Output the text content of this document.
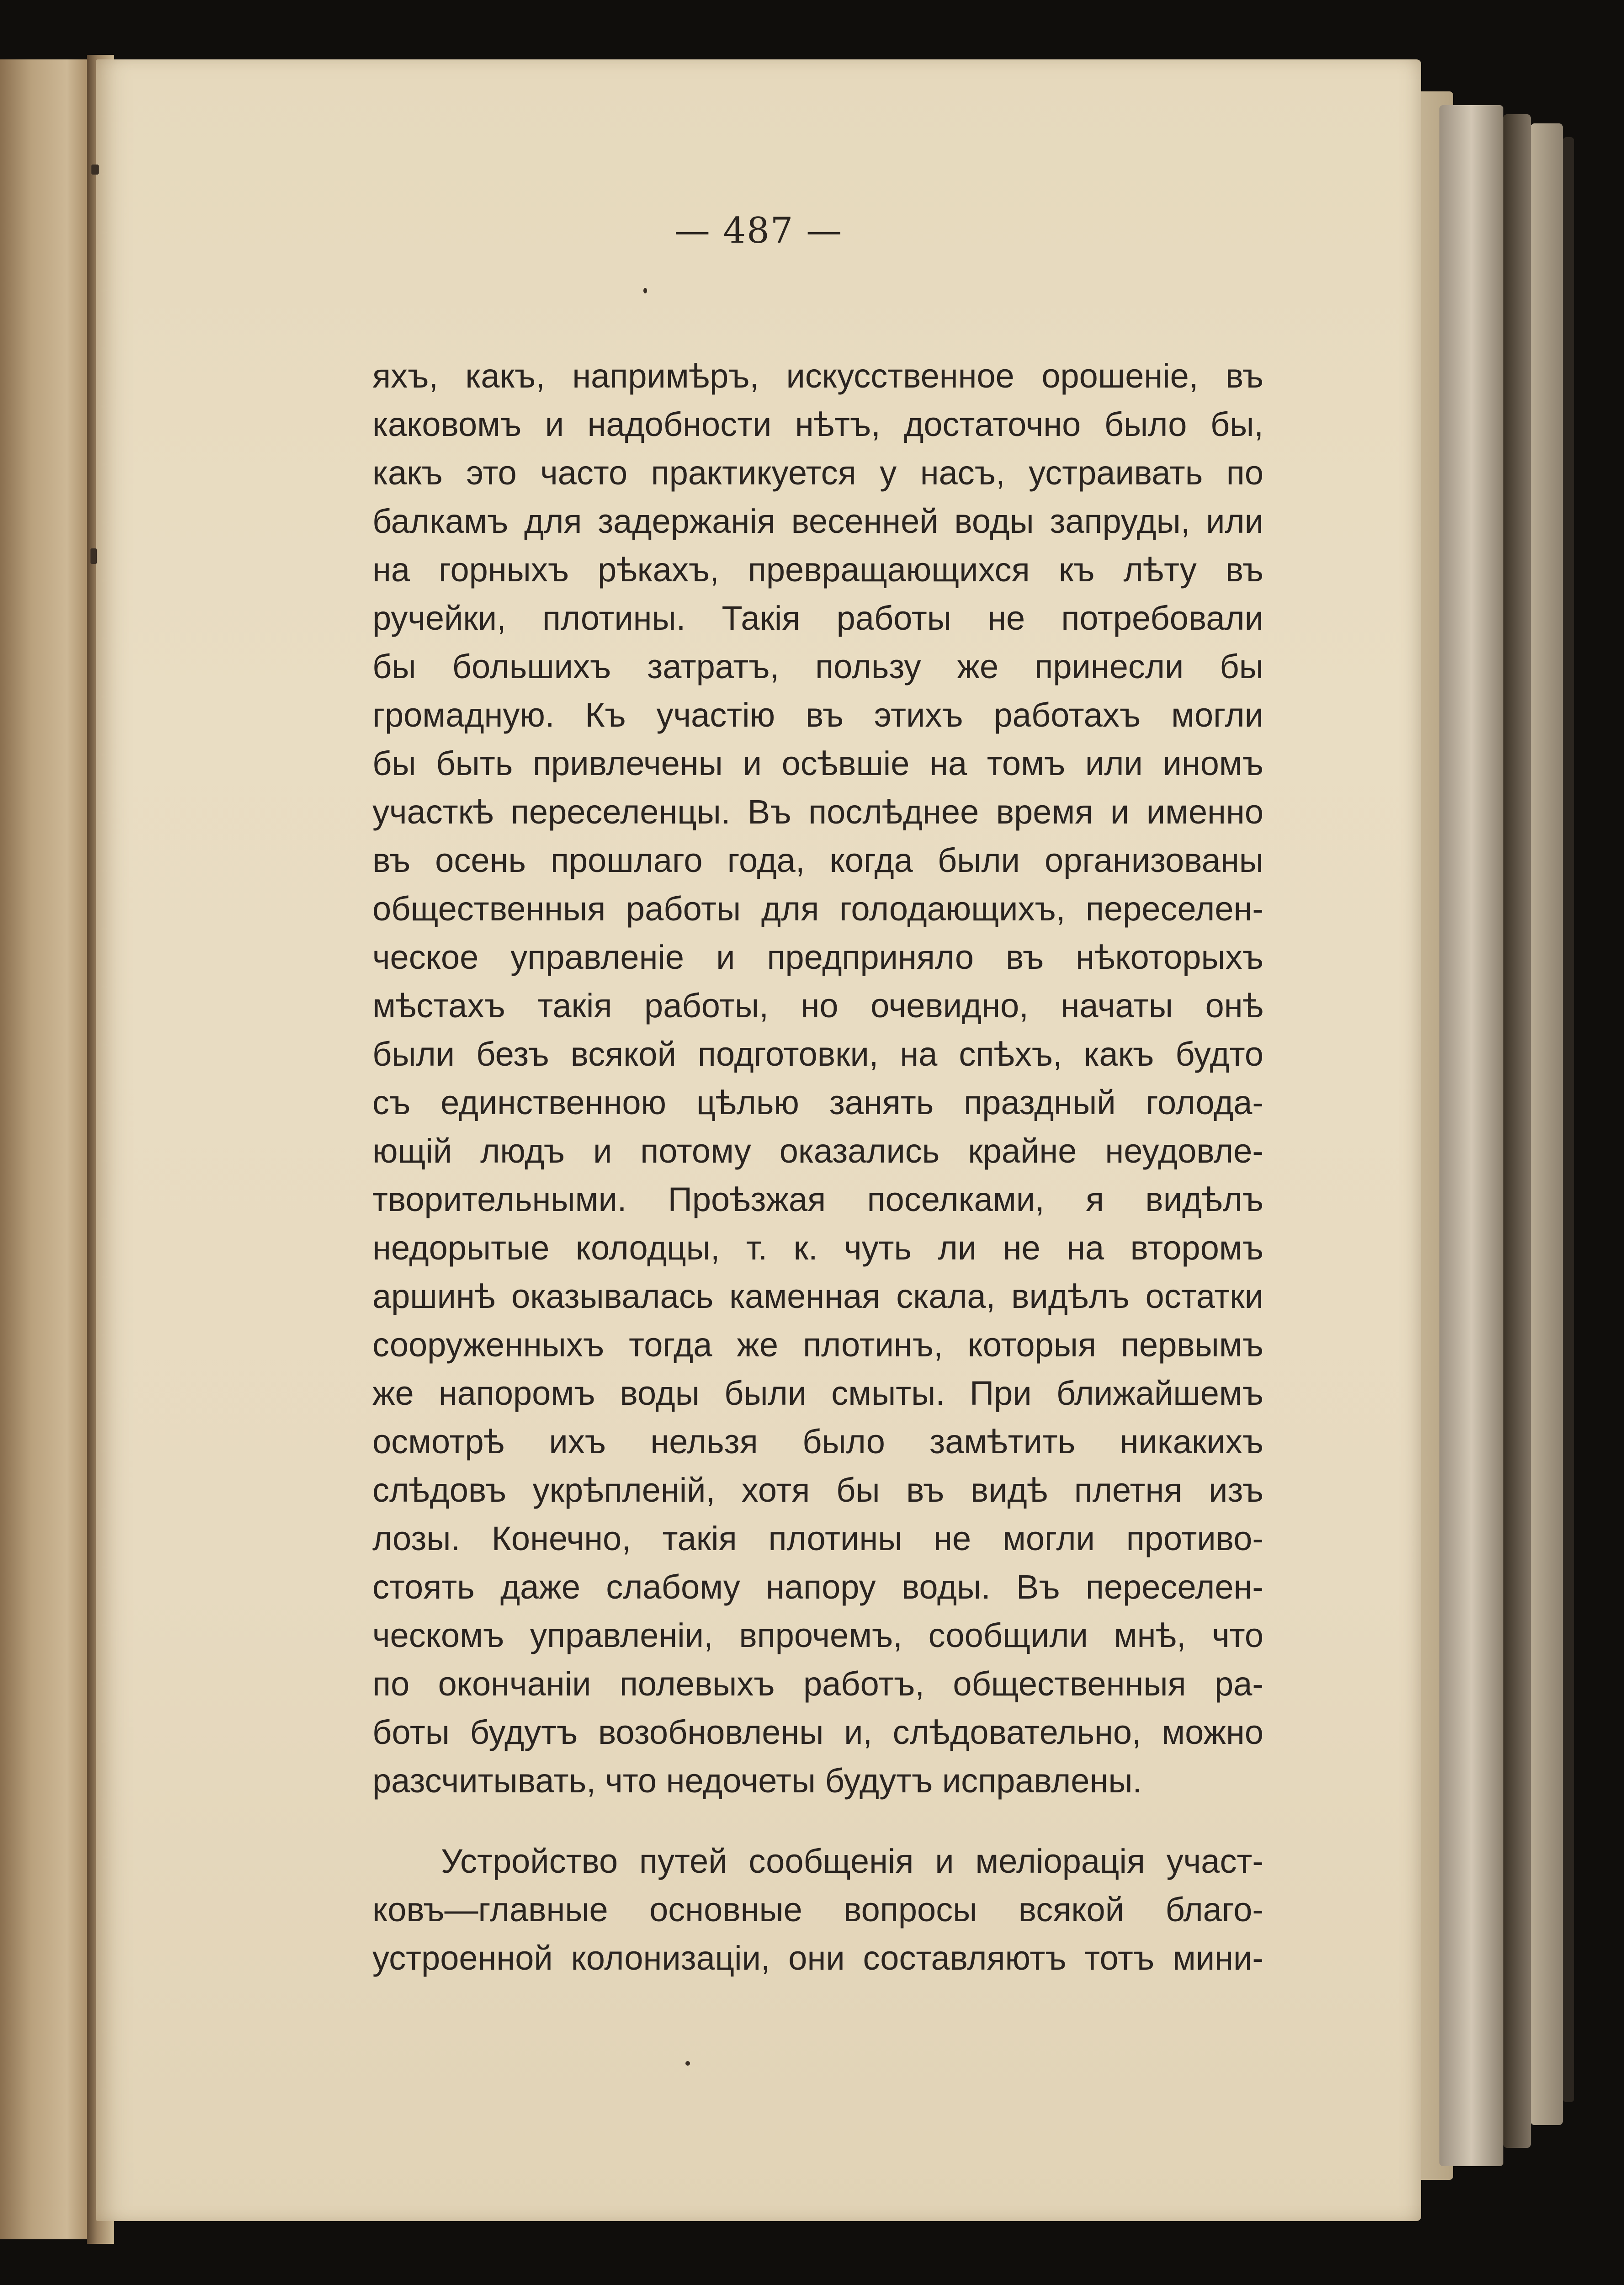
— 487 —
яхъ, какъ, напримѣръ, искусственное орошеніе, въ
каковомъ и надобности нѣтъ, достаточно было бы,
какъ это часто практикуется у насъ, устраивать по
балкамъ для задержанія весенней воды запруды, или
на горныхъ рѣкахъ, превращающихся къ лѣту въ
ручейки, плотины. Такія работы не потребовали
бы большихъ затратъ, пользу же принесли бы
громадную. Къ участію въ этихъ работахъ могли
бы быть привлечены и осѣвшіе на томъ или иномъ
участкѣ переселенцы. Въ послѣднее время и именно
въ осень прошлаго года, когда были организованы
общественныя работы для голодающихъ, переселен-
ческое управленіе и предприняло въ нѣкоторыхъ
мѣстахъ такія работы, но очевидно, начаты онѣ
были безъ всякой подготовки, на спѣхъ, какъ будто
съ единственною цѣлью занять праздный голода-
ющій людъ и потому оказались крайне неудовле-
творительными. Проѣзжая поселками, я видѣлъ
недорытые колодцы, т. к. чуть ли не на второмъ
аршинѣ оказывалась каменная скала, видѣлъ остатки
сооруженныхъ тогда же плотинъ, которыя первымъ
же напоромъ воды были смыты. При ближайшемъ
осмотрѣ ихъ нельзя было замѣтить никакихъ
слѣдовъ укрѣпленій, хотя бы въ видѣ плетня изъ
лозы. Конечно, такія плотины не могли противо-
стоять даже слабому напору воды. Въ переселен-
ческомъ управленіи, впрочемъ, сообщили мнѣ, что
по окончаніи полевыхъ работъ, общественныя ра-
боты будутъ возобновлены и, слѣдовательно, можно
разсчитывать, что недочеты будутъ исправлены.
Устройство путей сообщенія и меліорація участ-
ковъ—главные основные вопросы всякой благо-
устроенной колонизаціи, они составляютъ тотъ мини-
